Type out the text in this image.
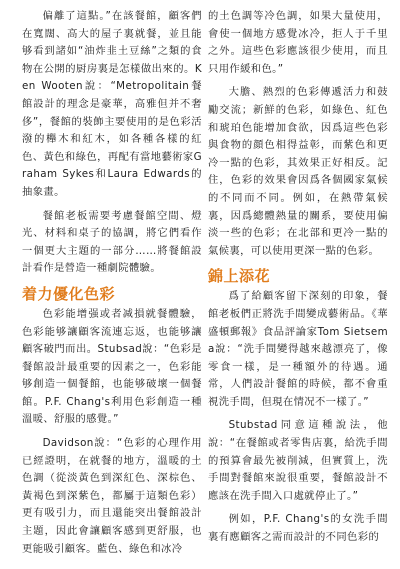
偏離了這點。”在該餐館，顧客們在寬闊、高大的屋子裏就餐，並且能够看到諸如“油炸韭土豆絲”之類的食物在公開的厨房裏是怎樣做出來的。Ken Wooten說：“Metropolitain餐館設計的理念是豪華，高雅但并不奢侈”，餐館的裝飾主要使用的是色彩活潑的櫸木和紅木，如各種各樣的紅色、黃色和綠色，再配有當地藝術家Graham Sykes和Laura Edwards的抽象畫。

餐館老板需要考慮餐館空間、燈光、材料和桌子的協調，將它們看作一個更大主題的一部分……將餐館設計看作是營造一種劇院體驗。

着力優化色彩

色彩能增强或者减損就餐體驗，色彩能够讓顧客流連忘返，也能够讓顧客破門而出。Stubsad說：“色彩是餐館設計最重要的因素之一，色彩能够創造一個餐館，也能够破壞一個餐館。P.F. Chang's利用色彩創造一種溫暖、舒服的感覺。”

Davidson說：“色彩的心理作用已經證明，在就餐的地方，溫暖的土色調（從淡黃色到深紅色、深棕色、黃褐色到深紫色，都屬于這類色彩）更有吸引力，而且還能突出餐館設計主題，因此會讓顧客感到更舒服，也更能吸引顧客。藍色、綠色和冰冷

的土色調等冷色調，如果大量使用，會使一個地方感覺冰冷，拒人于千里之外。這些色彩應該很少使用，而且只用作緩和色。”

大膽、熱烈的色彩傳遞活力和鼓勵交流；新鮮的色彩，如綠色、紅色和琥珀色能增加食欲，因爲這些色彩與食物的顔色相得益彰，而紫色和更冷一點的色彩，其效果正好相反。記住，色彩的效果會因爲各個國家氣候的不同而不同。例如，在熱帶氣候裏，因爲總體熱量的關系，要使用偏淡一些的色彩；在北部和更冷一點的氣候裏，可以使用更深一點的色彩。

錦上添花

爲了給顧客留下深刻的印象，餐館老板們正將洗手間變成藝術品。《華盛頓郵報》食品評論家Tom Sietsema說：“洗手間變得越來越漂亮了，像零食一樣，是一種額外的待遇。通常，人們設計餐館的時候，都不會重視洗手間，但現在情况不一樣了。”

Stubstad同意這種說法，他說：“在餐館或者零售店裏，給洗手間的預算會最先被削減，但實質上，洗手間對餐館來說很重要，餐館設計不應該在洗手間入口處就停止了。”

例如，P.F. Chang's的女洗手間裏有應顧客之需而設計的不同色彩的
